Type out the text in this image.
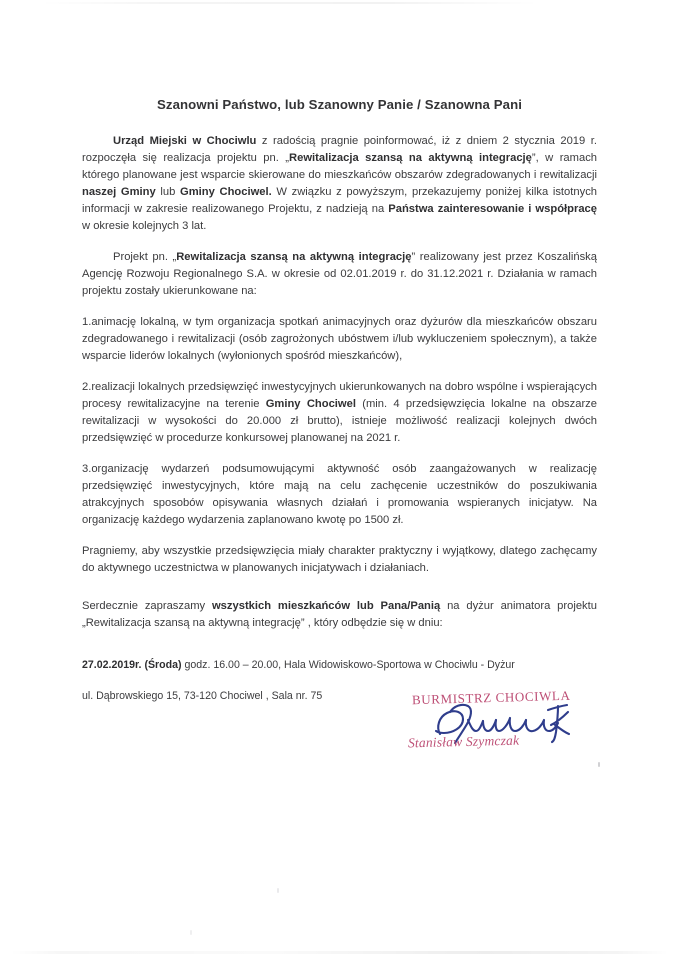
Szanowni Państwo, lub Szanowny Panie / Szanowna Pani

Urząd Miejski w Chociwlu z radością pragnie poinformować, iż z dniem 2 stycznia 2019 r. rozpoczęła się realizacja projektu pn. „Rewitalizacja szansą na aktywną integrację”, w ramach którego planowane jest wsparcie skierowane do mieszkańców obszarów zdegradowanych i rewitalizacji naszej Gminy lub Gminy Chociwel. W związku z powyższym, przekazujemy poniżej kilka istotnych informacji w zakresie realizowanego Projektu, z nadzieją na Państwa zainteresowanie i współpracę w okresie kolejnych 3 lat.

Projekt pn. „Rewitalizacja szansą na aktywną integrację” realizowany jest przez Koszalińską Agencję Rozwoju Regionalnego S.A. w okresie od 02.01.2019 r. do 31.12.2021 r. Działania w ramach projektu zostały ukierunkowane na:

1.animację lokalną, w tym organizacja spotkań animacyjnych oraz dyżurów dla mieszkańców obszaru zdegradowanego i rewitalizacji (osób zagrożonych ubóstwem i/lub wykluczeniem społecznym), a także wsparcie liderów lokalnych (wyłonionych spośród mieszkańców),

2.realizacji lokalnych przedsięwzięć inwestycyjnych ukierunkowanych na dobro wspólne i wspierających procesy rewitalizacyjne na terenie Gminy Chociwel (min. 4 przedsięwzięcia lokalne na obszarze rewitalizacji w wysokości do 20.000 zł brutto), istnieje możliwość realizacji kolejnych dwóch przedsięwzięć w procedurze konkursowej planowanej na 2021 r.

3.organizację wydarzeń podsumowującymi aktywność osób zaangażowanych w realizację przedsięwzięć inwestycyjnych, które mają na celu zachęcenie uczestników do poszukiwania atrakcyjnych sposobów opisywania własnych działań i promowania wspieranych inicjatyw. Na organizację każdego wydarzenia zaplanowano kwotę po 1500 zł.

Pragniemy, aby wszystkie przedsięwzięcia miały charakter praktyczny i wyjątkowy, dlatego zachęcamy do aktywnego uczestnictwa w planowanych inicjatywach i działaniach.

Serdecznie zapraszamy wszystkich mieszkańców lub Pana/Panią na dyżur animatora projektu „Rewitalizacja szansą na aktywną integrację” , który odbędzie się w dniu:

27.02.2019r. (Środa) godz. 16.00 – 20.00, Hala Widowiskowo-Sportowa w Chociwlu - Dyżur

ul. Dąbrowskiego 15, 73-120 Chociwel , Sala nr. 75	BURMISTRZ CHOCIWLA
Stanisław Szymczak
